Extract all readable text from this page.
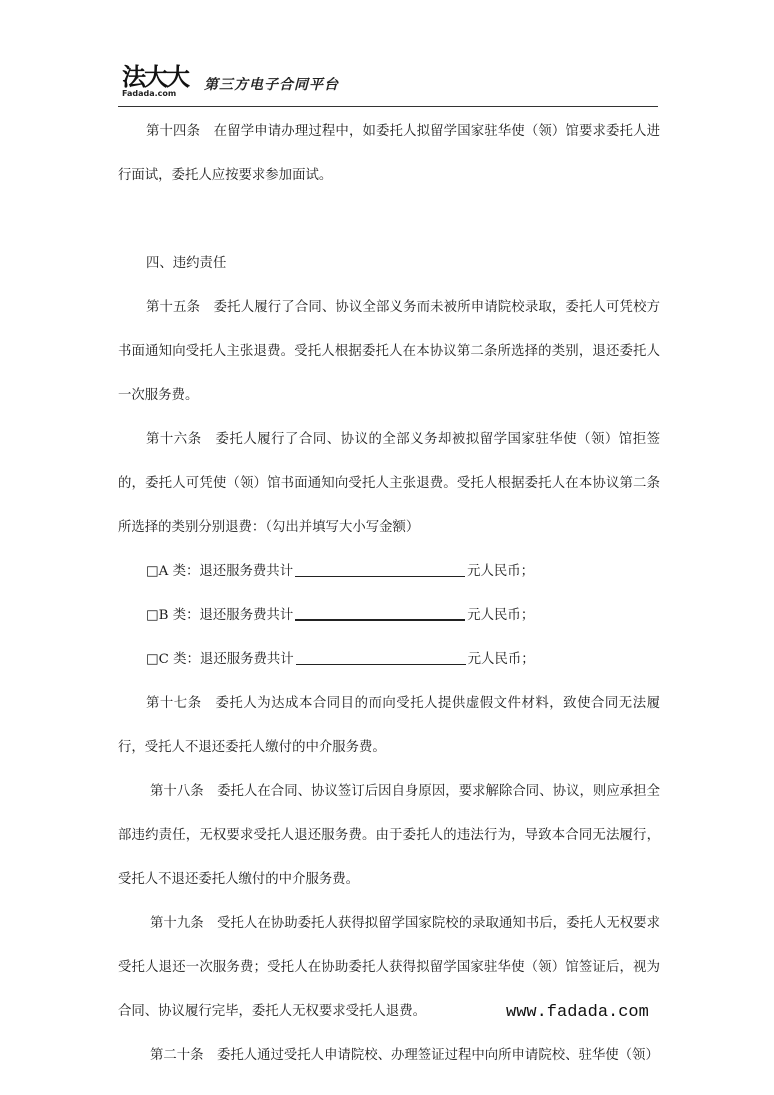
法大大
Fadada.com
第三方电子合同平台

第十四条　在留学申请办理过程中，如委托人拟留学国家驻华使（领）馆要求委托人进行面试，委托人应按要求参加面试。

四、违约责任

第十五条　委托人履行了合同、协议全部义务而未被所申请院校录取，委托人可凭校方书面通知向受托人主张退费。受托人根据委托人在本协议第二条所选择的类别，退还委托人一次服务费。

第十六条　委托人履行了合同、协议的全部义务却被拟留学国家驻华使（领）馆拒签的，委托人可凭使（领）馆书面通知向受托人主张退费。受托人根据委托人在本协议第二条所选择的类别分别退费：（勾出并填写大小写金额）

□A 类：退还服务费共计	元人民币；

□B 类：退还服务费共计	元人民币；

□C 类：退还服务费共计	元人民币；

第十七条　委托人为达成本合同目的而向受托人提供虚假文件材料，致使合同无法履行，受托人不退还委托人缴付的中介服务费。

第十八条　委托人在合同、协议签订后因自身原因，要求解除合同、协议，则应承担全部违约责任，无权要求受托人退还服务费。由于委托人的违法行为，导致本合同无法履行，受托人不退还委托人缴付的中介服务费。

第十九条　受托人在协助委托人获得拟留学国家院校的录取通知书后，委托人无权要求受托人退还一次服务费；受托人在协助委托人获得拟留学国家驻华使（领）馆签证后，视为合同、协议履行完毕，委托人无权要求受托人退费。

第二十条　委托人通过受托人申请院校、办理签证过程中向所申请院校、驻华使（领）

www.fadada.com
